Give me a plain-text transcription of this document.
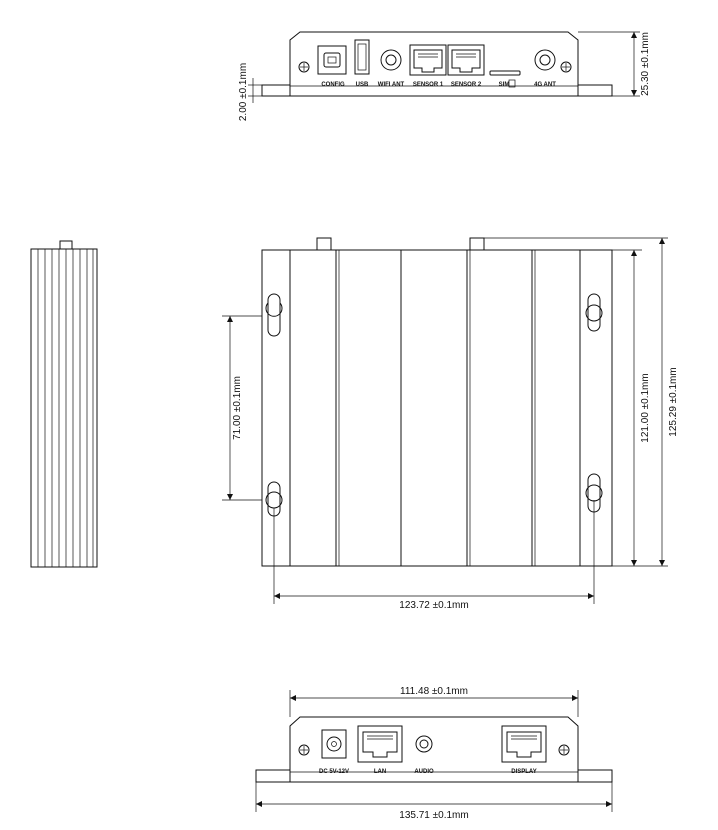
CONFIG USB WIFI ANT SENSOR 1 SENSOR 2	SIM	4G ANT	25.30 ±0.1mm
2.00 ±0.1mm
71.00 ±0.1mm
123.72 ±0.1mm
121.00 ±0.1mm 125.29 ±0.1mm
DC 5V-12V	LAN	AUDIO	DISPLAY
111.48 ±0.1mm
135.71 ±0.1mm
